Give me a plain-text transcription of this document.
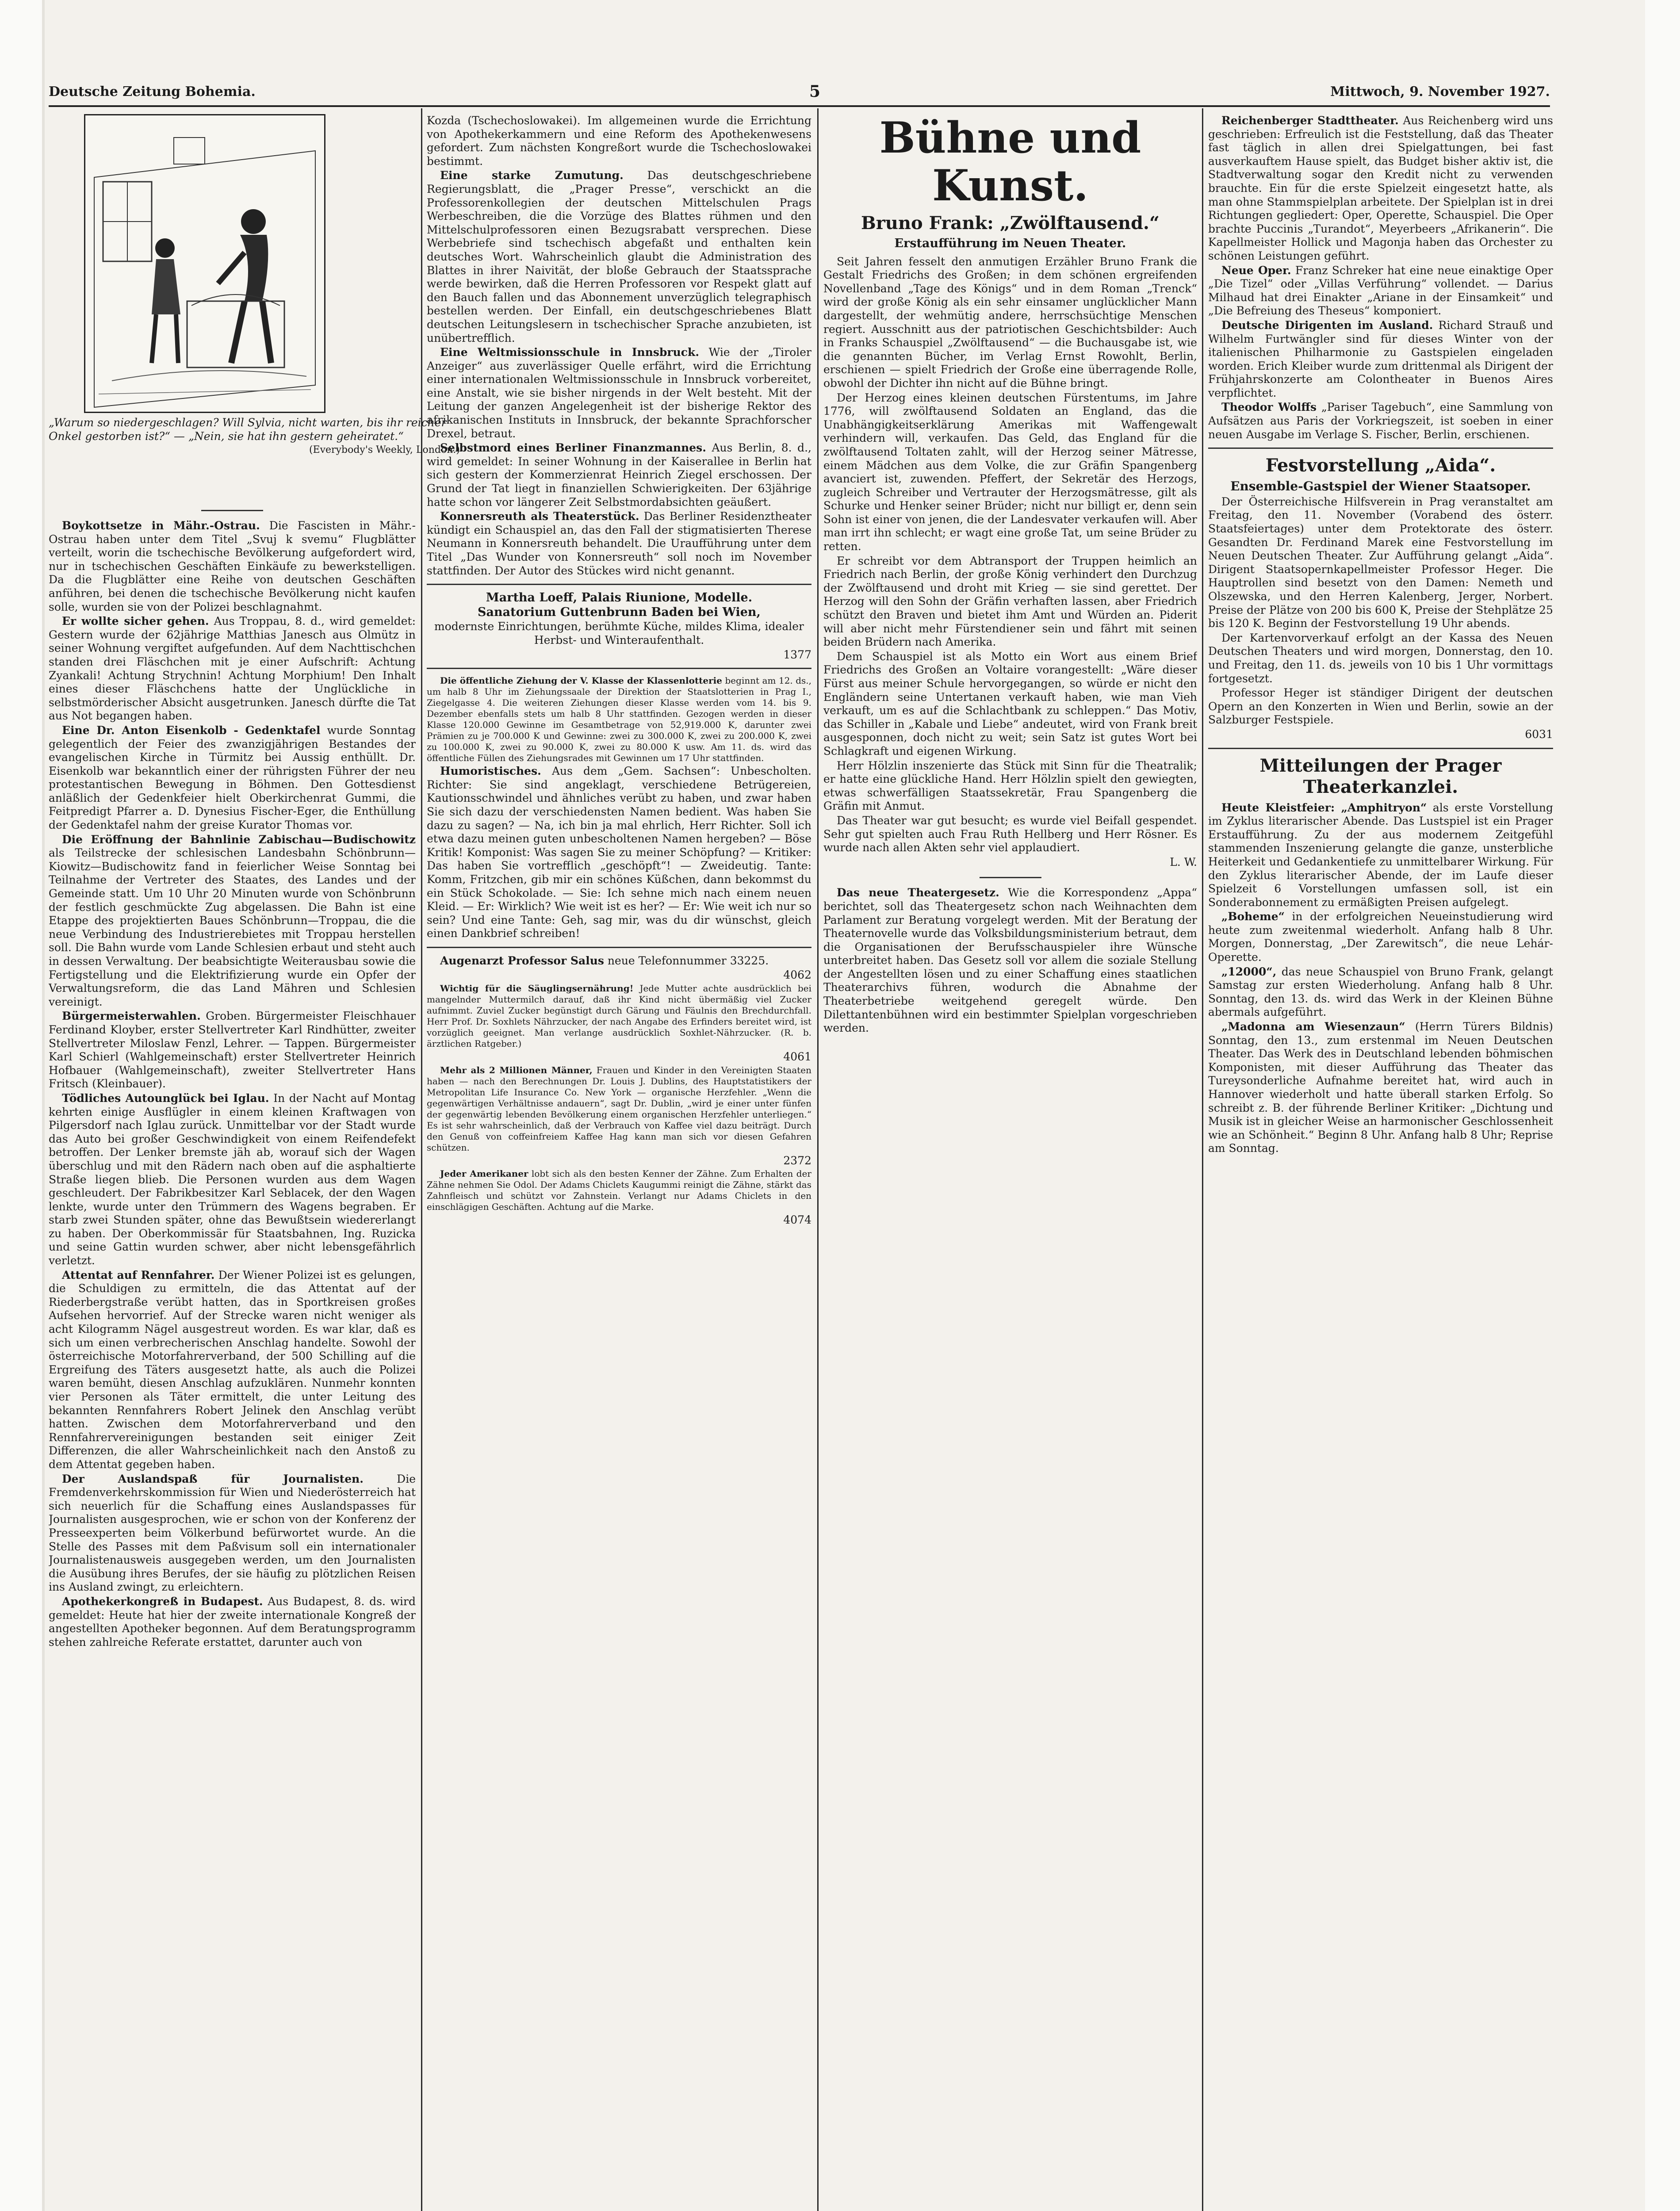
Deutsche Zeitung Bohemia.	5	Mittwoch, 9. November 1927.
„Warum so niedergeschlagen? Will Sylvia, nicht warten, bis ihr reicher Onkel gestorben ist?“ — „Nein, sie hat ihn gestern geheiratet.“
(Everybody's Weekly, London.)

Boykottsetze in Mähr.-Ostrau. Die Fascisten in Mähr.-Ostrau haben unter dem Titel „Svuj k svemu“ Flugblätter verteilt, worin die tschechische Bevölkerung aufgefordert wird, nur in tschechischen Geschäften Einkäufe zu bewerkstelligen. Da die Flugblätter eine Reihe von deutschen Geschäften anführen, bei denen die tschechische Bevölkerung nicht kaufen solle, wurden sie von der Polizei beschlagnahmt.

Er wollte sicher gehen. Aus Troppau, 8. d., wird gemeldet: Gestern wurde der 62jährige Matthias Janesch aus Olmütz in seiner Wohnung vergiftet aufgefunden. Auf dem Nachttischchen standen drei Fläschchen mit je einer Aufschrift: Achtung Zyankali! Achtung Strychnin! Achtung Morphium! Den Inhalt eines dieser Fläschchens hatte der Unglückliche in selbstmörderischer Absicht ausgetrunken. Janesch dürfte die Tat aus Not begangen haben.

Eine Dr. Anton Eisenkolb - Gedenktafel wurde Sonntag gelegentlich der Feier des zwanzigjährigen Bestandes der evangelischen Kirche in Türmitz bei Aussig enthüllt. Dr. Eisenkolb war bekanntlich einer der rührigsten Führer der neu protestantischen Bewegung in Böhmen. Den Gottesdienst anläßlich der Gedenkfeier hielt Oberkirchenrat Gummi, die Feitpredigt Pfarrer a. D. Dynesius Fischer-Eger, die Enthüllung der Gedenktafel nahm der greise Kurator Thomas vor.

Die Eröffnung der Bahnlinie Zabischau—Budischowitz als Teilstrecke der schlesischen Landesbahn Schönbrunn—Kiowitz—Budischowitz fand in feierlicher Weise Sonntag bei Teilnahme der Vertreter des Staates, des Landes und der Gemeinde statt. Um 10 Uhr 20 Minuten wurde von Schönbrunn der festlich geschmückte Zug abgelassen. Die Bahn ist eine Etappe des projektierten Baues Schönbrunn—Troppau, die die neue Verbindung des Industrierebietes mit Troppau herstellen soll. Die Bahn wurde vom Lande Schlesien erbaut und steht auch in dessen Verwaltung. Der beabsichtigte Weiterausbau sowie die Fertigstellung und die Elektrifizierung wurde ein Opfer der Verwaltungsreform, die das Land Mähren und Schlesien vereinigt.

Bürgermeisterwahlen. Groben. Bürgermeister Fleischhauer Ferdinand Kloyber, erster Stellvertreter Karl Rindhütter, zweiter Stellvertreter Miloslaw Fenzl, Lehrer. — Tappen. Bürgermeister Karl Schierl (Wahlgemeinschaft) erster Stellvertreter Heinrich Hofbauer (Wahlgemeinschaft), zweiter Stellvertreter Hans Fritsch (Kleinbauer).

Tödliches Autounglück bei Iglau. In der Nacht auf Montag kehrten einige Ausflügler in einem kleinen Kraftwagen von Pilgersdorf nach Iglau zurück. Unmittelbar vor der Stadt wurde das Auto bei großer Geschwindigkeit von einem Reifendefekt betroffen. Der Lenker bremste jäh ab, worauf sich der Wagen überschlug und mit den Rädern nach oben auf die asphaltierte Straße liegen blieb. Die Personen wurden aus dem Wagen geschleudert. Der Fabrikbesitzer Karl Seblacek, der den Wagen lenkte, wurde unter den Trümmern des Wagens begraben. Er starb zwei Stunden später, ohne das Bewußtsein wiedererlangt zu haben. Der Oberkommissär für Staatsbahnen, Ing. Ruzicka und seine Gattin wurden schwer, aber nicht lebensgefährlich verletzt.

Attentat auf Rennfahrer. Der Wiener Polizei ist es gelungen, die Schuldigen zu ermitteln, die das Attentat auf der Riederbergstraße verübt hatten, das in Sportkreisen großes Aufsehen hervorrief. Auf der Strecke waren nicht weniger als acht Kilogramm Nägel ausgestreut worden. Es war klar, daß es sich um einen verbrecherischen Anschlag handelte. Sowohl der österreichische Motorfahrerverband, der 500 Schilling auf die Ergreifung des Täters ausgesetzt hatte, als auch die Polizei waren bemüht, diesen Anschlag aufzuklären. Nunmehr konnten vier Personen als Täter ermittelt, die unter Leitung des bekannten Rennfahrers Robert Jelinek den Anschlag verübt hatten. Zwischen dem Motorfahrerverband und den Rennfahrervereinigungen bestanden seit einiger Zeit Differenzen, die aller Wahrscheinlichkeit nach den Anstoß zu dem Attentat gegeben haben.

Der Auslandspaß für Journalisten.	Die Fremdenverkehrskommission für Wien und Niederösterreich hat sich neuerlich für die Schaffung eines Auslandspasses für Journalisten ausgesprochen, wie er schon von der Konferenz der Presseexperten beim Völkerbund befürwortet wurde. An die Stelle des Passes mit dem Paßvisum soll ein internationaler Journalistenausweis ausgegeben werden, um den Journalisten die Ausübung ihres Berufes, der sie häufig zu plötzlichen Reisen ins Ausland zwingt, zu erleichtern.

Apothekerkongreß in Budapest. Aus Budapest, 8. ds. wird gemeldet: Heute hat hier der zweite internationale Kongreß der angestellten Apotheker begonnen. Auf dem Beratungsprogramm stehen zahlreiche Referate erstattet, darunter auch von

Kozda (Tschechoslowakei). Im allgemeinen wurde die Errichtung von Apothekerkammern und eine Reform des Apothekenwesens gefordert. Zum nächsten Kongreßort wurde die Tschechoslowakei bestimmt.

Eine starke Zumutung. Das deutschgeschriebene Regierungsblatt, die „Prager Presse“, verschickt an die Professorenkollegien der deutschen Mittelschulen Prags Werbeschreiben, die die Vorzüge des Blattes rühmen und den Mittelschulprofessoren einen Bezugsrabatt versprechen. Diese Werbebriefe sind tschechisch abgefaßt und enthalten kein deutsches Wort. Wahrscheinlich glaubt die Administration des Blattes in ihrer Naivität, der bloße Gebrauch der Staatssprache werde bewirken, daß die Herren Professoren vor Respekt glatt auf den Bauch fallen und das Abonnement unverzüglich telegraphisch bestellen werden. Der Einfall, ein deutschgeschriebenes Blatt deutschen Leitungslesern in tschechischer Sprache anzubieten, ist unübertrefflich.

Eine Weltmissionsschule in Innsbruck. Wie der „Tiroler Anzeiger“ aus zuverlässiger Quelle erfährt, wird die Errichtung einer internationalen Weltmissionsschule in Innsbruck vorbereitet, eine Anstalt, wie sie bisher nirgends in der Welt besteht. Mit der Leitung der ganzen Angelegenheit ist der bisherige Rektor des afrikanischen Instituts in Innsbruck, der bekannte Sprachforscher Drexel, betraut.

Selbstmord eines Berliner Finanzmannes. Aus Berlin, 8. d., wird gemeldet: In seiner Wohnung in der Kaiserallee in Berlin hat sich gestern der Kommerzienrat Heinrich Ziegel erschossen. Der Grund der Tat liegt in finanziellen Schwierigkeiten. Der 63jährige hatte schon vor längerer Zeit Selbstmordabsichten geäußert.

Konnersreuth als Theaterstück. Das Berliner Residenztheater kündigt ein Schauspiel an, das den Fall der stigmatisierten Therese Neumann in Konnersreuth behandelt. Die Uraufführung unter dem Titel „Das Wunder von Konnersreuth“ soll noch im November stattfinden. Der Autor des Stückes wird nicht genannt.

Martha Loeff, Palais Riunione, Modelle.

Sanatorium Guttenbrunn Baden bei Wien,

modernste Einrichtungen, berühmte Küche, mildes Klima, idealer Herbst- und Winteraufenthalt.

1377

Die öffentliche Ziehung der V. Klasse der Klassenlotterie beginnt am 12. ds., um halb 8 Uhr im Ziehungssaale der Direktion der Staatslotterien in Prag I., Ziegelgasse 4. Die weiteren Ziehungen dieser Klasse werden vom 14. bis 9. Dezember ebenfalls stets um halb 8 Uhr stattfinden. Gezogen werden in dieser Klasse 120.000 Gewinne im Gesamtbetrage von 52,919.000 K, darunter zwei Prämien zu je 700.000 K und Gewinne: zwei zu 300.000 K, zwei zu 200.000 K, zwei zu 100.000 K, zwei zu 90.000 K, zwei zu 80.000 K usw. Am 11. ds. wird das öffentliche Füllen des Ziehungsrades mit Gewinnen um 17 Uhr stattfinden.

Humoristisches. Aus dem „Gem. Sachsen“: Unbescholten. Richter: Sie sind angeklagt, verschiedene Betrügereien, Kautionsschwindel und ähnliches verübt zu haben, und zwar haben Sie sich dazu der verschiedensten Namen bedient. Was haben Sie dazu zu sagen? — Na, ich bin ja mal ehrlich, Herr Richter. Soll ich etwa dazu meinen guten unbescholtenen Namen hergeben? — Böse Kritik! Komponist: Was sagen Sie zu meiner Schöpfung? — Kritiker: Das haben Sie vortrefflich „geschöpft“! — Zweideutig. Tante: Komm, Fritzchen, gib mir ein schönes Küßchen, dann bekommst du ein Stück Schokolade. — Sie: Ich sehne mich nach einem neuen Kleid. — Er: Wirklich? Wie weit ist es her? — Er: Wie weit ich nur so sein? Und eine Tante: Geh, sag mir, was du dir wünschst, gleich einen Dankbrief schreiben!

Augenarzt Professor Salus neue Telefonnummer 33225.

4062

Wichtig für die Säuglingsernährung! Jede Mutter achte ausdrücklich bei mangelnder Muttermilch darauf, daß ihr Kind nicht übermäßig viel Zucker aufnimmt. Zuviel Zucker begünstigt durch Gärung und Fäulnis den Brechdurchfall. Herr Prof. Dr. Soxhlets Nährzucker, der nach Angabe des Erfinders bereitet wird, ist vorzüglich geeignet. Man verlange ausdrücklich Soxhlet-Nährzucker. (R. b. ärztlichen Ratgeber.)

4061

Mehr als 2 Millionen Männer, Frauen und Kinder in den Vereinigten Staaten haben — nach den Berechnungen Dr. Louis J. Dublins, des Hauptstatistikers der Metropolitan Life Insurance Co. New York — organische Herzfehler. „Wenn die gegenwärtigen Verhältnisse andauern“, sagt Dr. Dublin, „wird je einer unter fünfen der gegenwärtig lebenden Bevölkerung einem organischen Herzfehler unterliegen.“ Es ist sehr wahrscheinlich, daß der Verbrauch von Kaffee viel dazu beiträgt. Durch den Genuß von coffeinfreiem Kaffee Hag kann man sich vor diesen Gefahren schützen.

2372

Jeder Amerikaner lobt sich als den besten Kenner der Zähne. Zum Erhalten der Zähne nehmen Sie Odol. Der Adams Chiclets Kaugummi reinigt die Zähne, stärkt das Zahnfleisch und schützt vor Zahnstein. Verlangt nur Adams Chiclets in den einschlägigen Geschäften. Achtung auf die Marke.

4074

Bühne und Kunst.

Bruno Frank: „Zwölftausend.“

Erstaufführung im Neuen Theater.

Seit Jahren fesselt den anmutigen Erzähler Bruno Frank die Gestalt Friedrichs des Großen; in dem schönen ergreifenden Novellenband „Tage des Königs“ und in dem Roman „Trenck“ wird der große König als ein sehr einsamer unglücklicher Mann dargestellt, der wehmütig andere, herrschsüchtige Menschen regiert. Ausschnitt aus der patriotischen Geschichtsbilder: Auch in Franks Schauspiel „Zwölftausend“ — die Buchausgabe ist, wie die genannten Bücher, im Verlag Ernst Rowohlt, Berlin, erschienen — spielt Friedrich der Große eine überragende Rolle, obwohl der Dichter ihn nicht auf die Bühne bringt.

Der Herzog eines kleinen deutschen Fürstentums, im Jahre 1776, will zwölftausend Soldaten an England, das die Unabhängigkeitserklärung Amerikas mit Waffengewalt verhindern will, verkaufen. Das Geld, das England für die zwölftausend Toltaten zahlt, will der Herzog seiner Mätresse, einem Mädchen aus dem Volke, die zur Gräfin Spangenberg avanciert ist, zuwenden. Pfeffert, der Sekretär des Herzogs, zugleich Schreiber und Vertrauter der Herzogsmätresse, gilt als Schurke und Henker seiner Brüder; nicht nur billigt er, denn sein Sohn ist einer von jenen, die der Landesvater verkaufen will. Aber man irrt ihn schlecht; er wagt eine große Tat, um seine Brüder zu retten.

Er schreibt vor dem Abtransport der Truppen heimlich an Friedrich nach Berlin, der große König verhindert den Durchzug der Zwölftausend und droht mit Krieg — sie sind gerettet. Der Herzog will den Sohn der Gräfin verhaften lassen, aber Friedrich schützt den Braven und bietet ihm Amt und Würden an. Piderit will aber nicht mehr Fürstendiener sein und fährt mit seinen beiden Brüdern nach Amerika.

Dem Schauspiel ist als Motto ein Wort aus einem Brief Friedrichs des Großen an Voltaire vorangestellt: „Wäre dieser Fürst aus meiner Schule hervorgegangen, so würde er nicht den Engländern seine Untertanen verkauft haben, wie man Vieh verkauft, um es auf die Schlachtbank zu schleppen.“ Das Motiv, das Schiller in „Kabale und Liebe“ andeutet, wird von Frank breit ausgesponnen, doch nicht zu weit; sein Satz ist gutes Wort bei Schlagkraft und eigenen Wirkung.

Herr Hölzlin inszenierte das Stück mit Sinn für die Theatralik; er hatte eine glückliche Hand. Herr Hölzlin spielt den gewiegten, etwas schwerfälligen Staatssekretär, Frau Spangenberg die Gräfin mit Anmut.

Das Theater war gut besucht; es wurde viel Beifall gespendet. Sehr gut spielten auch Frau Ruth Hellberg und Herr Rösner. Es wurde nach allen Akten sehr viel applaudiert.

L. W.

Das neue Theatergesetz. Wie die Korrespondenz „Appa“ berichtet, soll das Theatergesetz schon nach Weihnachten dem Parlament zur Beratung vorgelegt werden. Mit der Beratung der Theaternovelle wurde das Volksbildungsministerium betraut, dem die Organisationen der Berufsschauspieler ihre Wünsche unterbreitet haben. Das Gesetz soll vor allem die soziale Stellung der Angestellten lösen und zu einer Schaffung eines staatlichen Theaterarchivs führen, wodurch die Abnahme der Theaterbetriebe weitgehend geregelt würde. Den Dilettantenbühnen wird ein bestimmter Spielplan vorgeschrieben werden.

Reichenberger Stadttheater. Aus Reichenberg wird uns geschrieben: Erfreulich ist die Feststellung, daß das Theater fast täglich in allen drei Spielgattungen, bei fast ausverkauftem Hause spielt, das Budget bisher aktiv ist, die Stadtverwaltung sogar den Kredit nicht zu verwenden brauchte. Ein für die erste Spielzeit eingesetzt hatte, als man ohne Stammspielplan arbeitete. Der Spielplan ist in drei Richtungen gegliedert: Oper, Operette, Schauspiel. Die Oper brachte Puccinis „Turandot“, Meyerbeers „Afrikanerin“. Die Kapellmeister Hollick und Magonja haben das Orchester zu schönen Leistungen geführt.

Neue Oper. Franz Schreker hat eine neue einaktige Oper „Die Tizel“ oder „Villas Verführung“ vollendet. — Darius Milhaud hat drei Einakter „Ariane in der Einsamkeit“ und „Die Befreiung des Theseus“ komponiert.

Deutsche Dirigenten im Ausland. Richard Strauß und Wilhelm Furtwängler sind für dieses Winter von der italienischen Philharmonie zu Gastspielen eingeladen worden. Erich Kleiber wurde zum drittenmal als Dirigent der Frühjahrskonzerte am Colontheater in Buenos Aires verpflichtet.

Theodor Wolffs „Pariser Tagebuch“, eine Sammlung von Aufsätzen aus Paris der Vorkriegszeit, ist soeben in einer neuen Ausgabe im Verlage S. Fischer, Berlin, erschienen.

Festvorstellung „Aida“.

Ensemble-Gastspiel der Wiener Staatsoper.

Der Österreichische Hilfsverein in Prag veranstaltet am Freitag, den 11. November (Vorabend des österr. Staatsfeiertages) unter dem Protektorate des österr. Gesandten Dr. Ferdinand Marek eine Festvorstellung im Neuen Deutschen Theater. Zur Aufführung gelangt „Aida“. Dirigent Staatsopernkapellmeister Professor Heger. Die Hauptrollen sind besetzt von den Damen: Nemeth und Olszewska, und den Herren Kalenberg, Jerger, Norbert. Preise der Plätze von 200 bis 600 K, Preise der Stehplätze 25 bis 120 K. Beginn der Festvorstellung 19 Uhr abends.

Der Kartenvorverkauf erfolgt an der Kassa des Neuen Deutschen Theaters und wird morgen, Donnerstag, den 10. und Freitag, den 11. ds. jeweils von 10 bis 1 Uhr vormittags fortgesetzt.

Professor Heger ist ständiger Dirigent der deutschen Opern an den Konzerten in Wien und Berlin, sowie an der Salzburger Festspiele.

6031

Mitteilungen der Prager Theaterkanzlei.

Heute Kleistfeier: „Amphitryon“ als erste Vorstellung im Zyklus literarischer Abende. Das Lustspiel ist ein Prager Erstaufführung. Zu der aus modernem Zeitgefühl stammenden Inszenierung gelangte die ganze, unsterbliche Heiterkeit und Gedankentiefe zu unmittelbarer Wirkung. Für den Zyklus literarischer Abende, der im Laufe dieser Spielzeit 6 Vorstellungen umfassen soll, ist ein Sonderabonnement zu ermäßigten Preisen aufgelegt.

„Boheme“ in der erfolgreichen Neueinstudierung wird heute zum zweitenmal wiederholt. Anfang halb 8 Uhr. Morgen, Donnerstag, „Der Zarewitsch“, die neue Lehár-Operette.

„12000“, das neue Schauspiel von Bruno Frank, gelangt Samstag zur ersten Wiederholung. Anfang halb 8 Uhr. Sonntag, den 13. ds. wird das Werk in der Kleinen Bühne abermals aufgeführt.

„Madonna am Wiesenzaun“ (Herrn Türers Bildnis) Sonntag, den 13., zum erstenmal im Neuen Deutschen Theater. Das Werk des in Deutschland lebenden böhmischen Komponisten, mit dieser Aufführung das Theater das Tureysonderliche Aufnahme bereitet hat, wird auch in Hannover wiederholt und hatte überall starken Erfolg. So schreibt z. B. der führende Berliner Kritiker: „Dichtung und Musik ist in gleicher Weise an harmonischer Geschlossenheit wie an Schönheit.“ Beginn 8 Uhr. Anfang halb 8 Uhr; Reprise am Sonntag.
